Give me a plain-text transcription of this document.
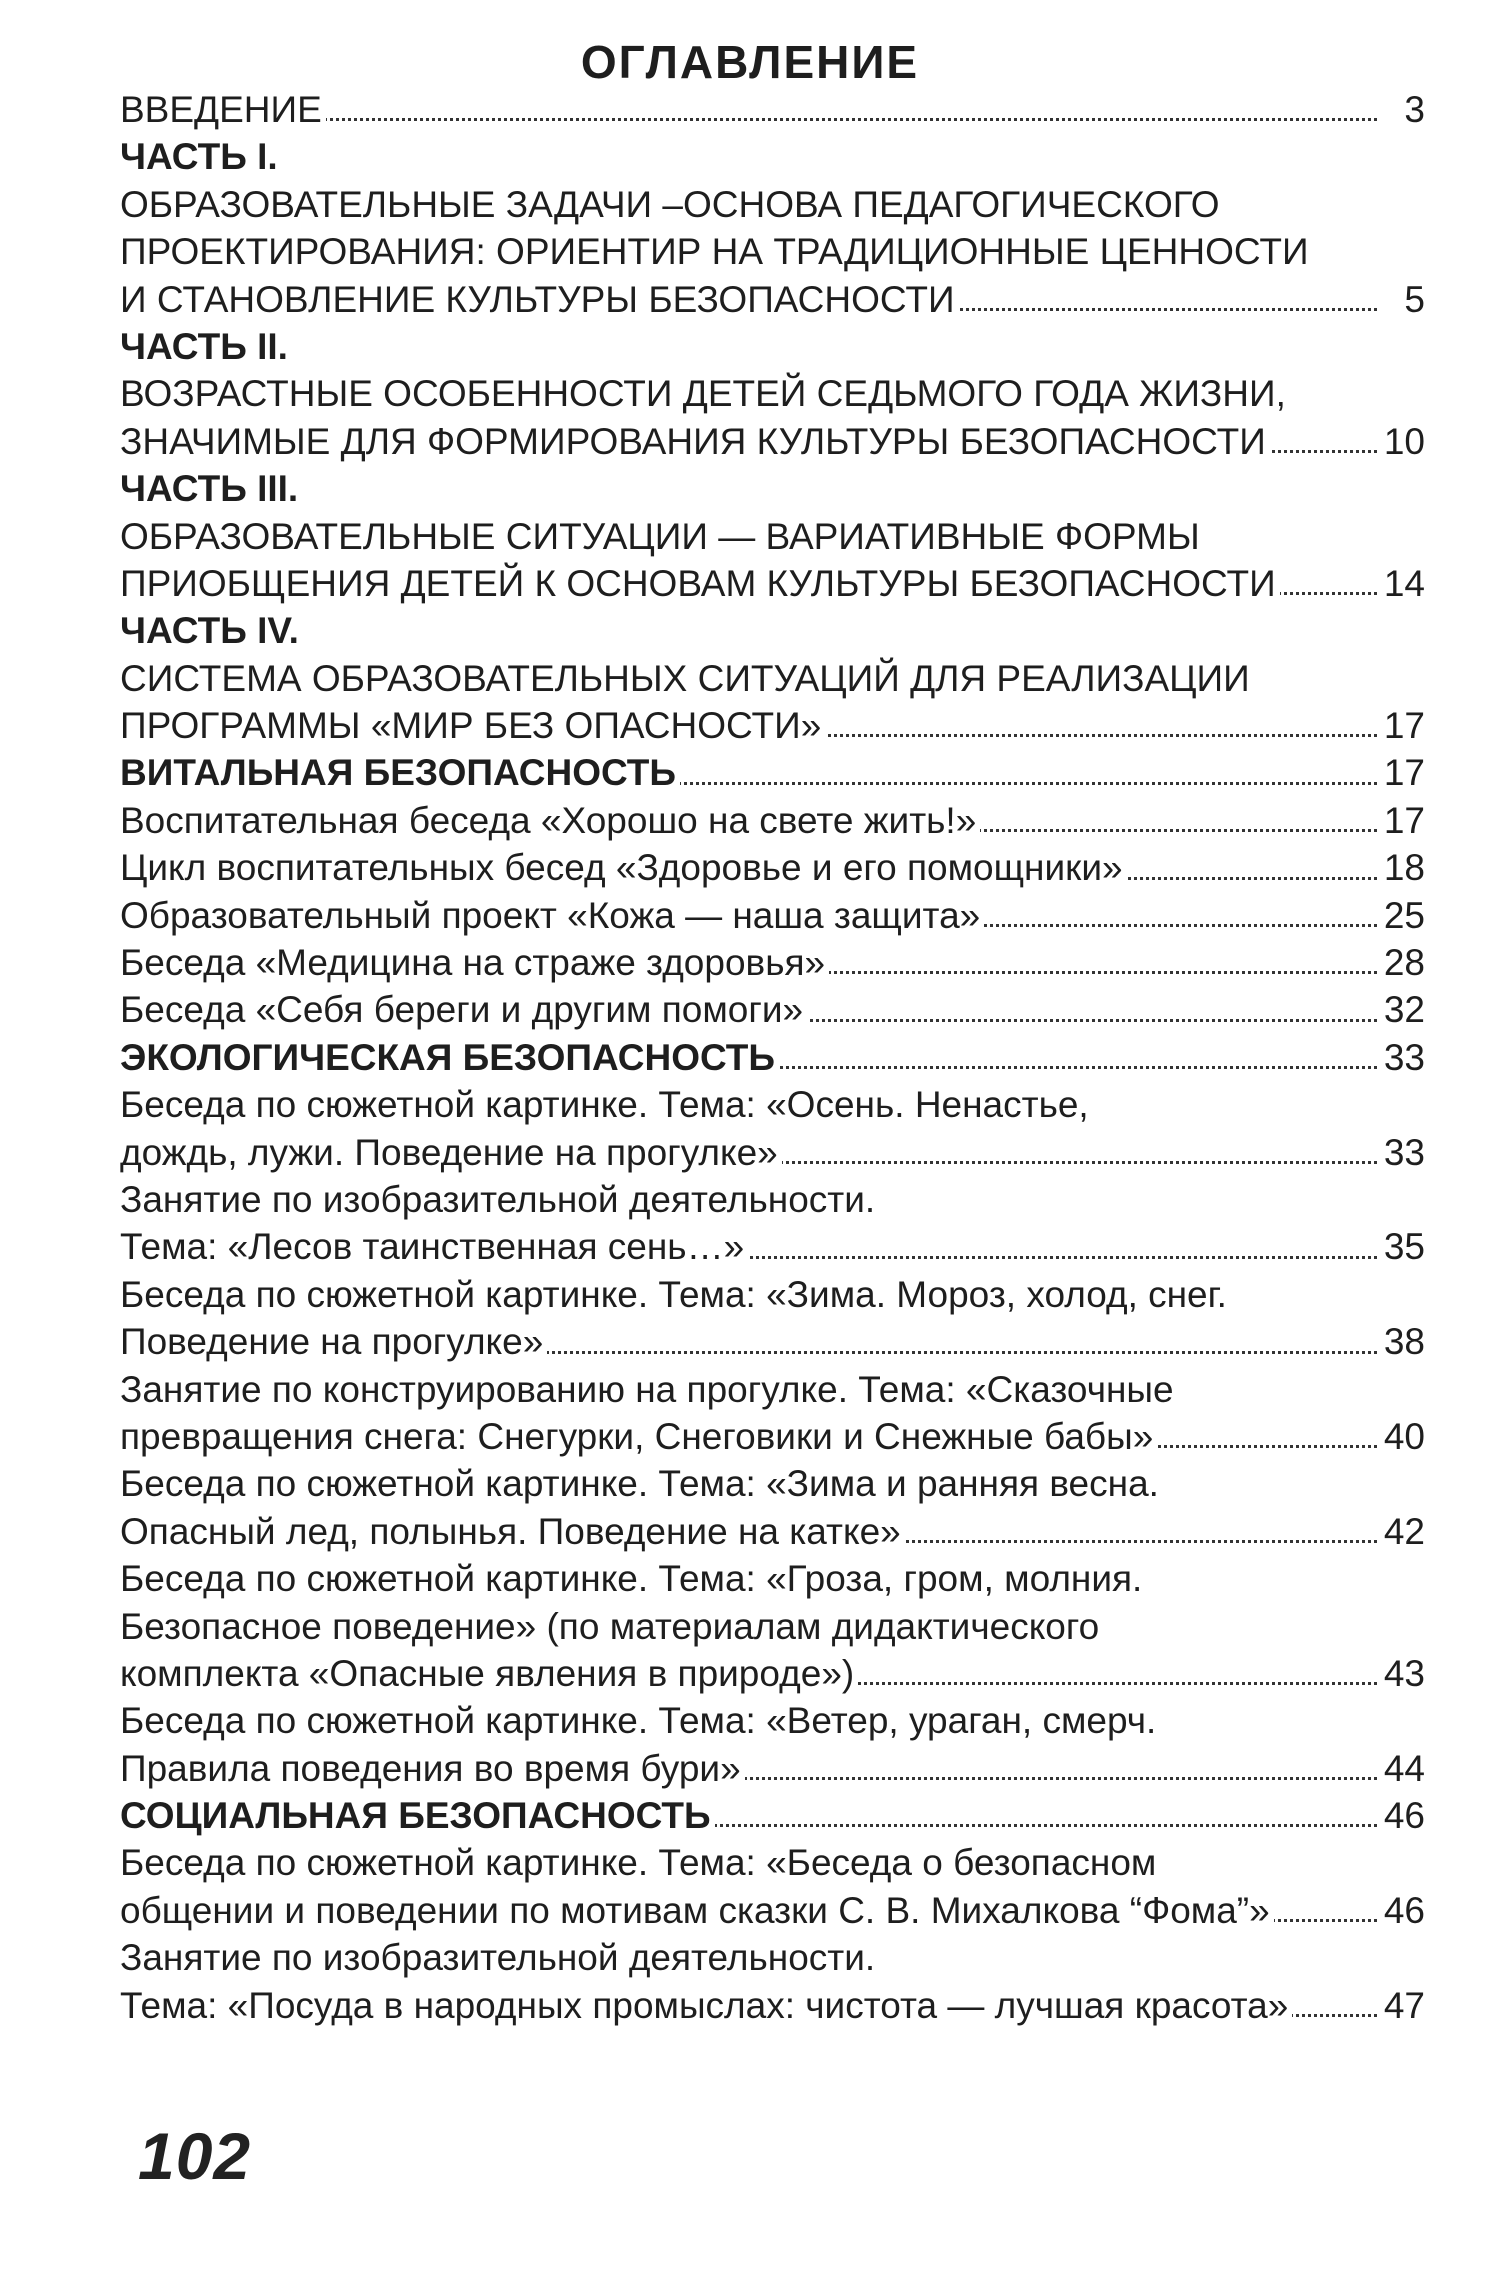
ОГЛАВЛЕНИЕ
ВВЕДЕНИЕ	3
ЧАСТЬ I.
ОБРАЗОВАТЕЛЬНЫЕ ЗАДАЧИ –ОСНОВА ПЕДАГОГИЧЕСКОГО
ПРОЕКТИРОВАНИЯ: ОРИЕНТИР НА ТРАДИЦИОННЫЕ ЦЕННОСТИ
И СТАНОВЛЕНИЕ КУЛЬТУРЫ БЕЗОПАСНОСТИ	5
ЧАСТЬ II.
ВОЗРАСТНЫЕ ОСОБЕННОСТИ ДЕТЕЙ СЕДЬМОГО ГОДА ЖИЗНИ,
ЗНАЧИМЫЕ ДЛЯ ФОРМИРОВАНИЯ КУЛЬТУРЫ БЕЗОПАСНОСТИ	10
ЧАСТЬ III.
ОБРАЗОВАТЕЛЬНЫЕ СИТУАЦИИ — ВАРИАТИВНЫЕ ФОРМЫ
ПРИОБЩЕНИЯ ДЕТЕЙ К ОСНОВАМ КУЛЬТУРЫ БЕЗОПАСНОСТИ	14
ЧАСТЬ IV.
СИСТЕМА ОБРАЗОВАТЕЛЬНЫХ СИТУАЦИЙ ДЛЯ РЕАЛИЗАЦИИ
ПРОГРАММЫ «МИР БЕЗ ОПАСНОСТИ»	17
ВИТАЛЬНАЯ БЕЗОПАСНОСТЬ	17
Воспитательная беседа «Хорошо на свете жить!»	17
Цикл воспитательных бесед «Здоровье и его помощники»	18
Образовательный проект «Кожа — наша защита»	25
Беседа «Медицина на страже здоровья»	28
Беседа «Себя береги и другим помоги»	32
ЭКОЛОГИЧЕСКАЯ БЕЗОПАСНОСТЬ	33
Беседа по сюжетной картинке. Тема: «Осень. Ненастье,
дождь, лужи. Поведение на прогулке»	33
Занятие по изобразительной деятельности.
Тема: «Лесов таинственная сень…»	35
Беседа по сюжетной картинке. Тема: «Зима. Мороз, холод, снег.
Поведение на прогулке»	38
Занятие по конструированию на прогулке. Тема: «Сказочные
превращения снега: Снегурки, Снеговики и Снежные бабы»	40
Беседа по сюжетной картинке. Тема: «Зима и ранняя весна.
Опасный лед, полынья. Поведение на катке»	42
Беседа по сюжетной картинке. Тема: «Гроза, гром, молния.
Безопасное поведение» (по материалам дидактического
комплекта «Опасные явления в природе»)	43
Беседа по сюжетной картинке. Тема: «Ветер, ураган, смерч.
Правила поведения во время бури»	44
СОЦИАЛЬНАЯ БЕЗОПАСНОСТЬ	46
Беседа по сюжетной картинке. Тема: «Беседа о безопасном
общении и поведении по мотивам сказки С. В. Михалкова “Фома”»	46
Занятие по изобразительной деятельности.
Тема: «Посуда в народных промыслах: чистота — лучшая красота»	47
102
